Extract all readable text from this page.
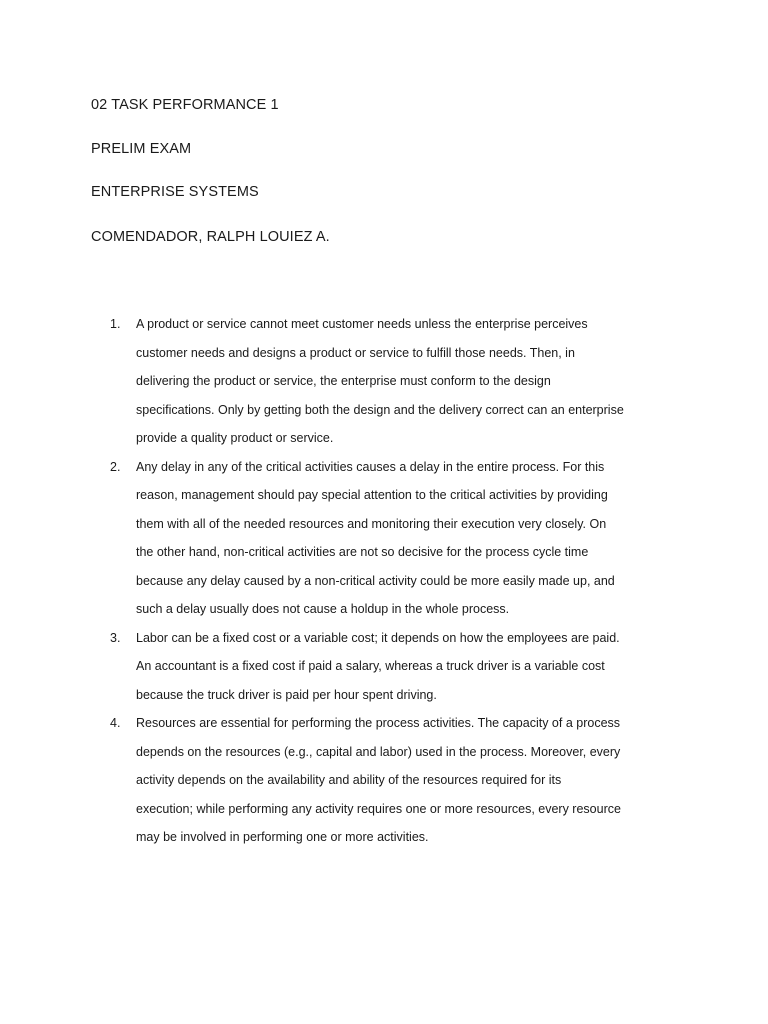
02 TASK PERFORMANCE 1
PRELIM EXAM
ENTERPRISE SYSTEMS
COMENDADOR, RALPH LOUIEZ A.
1. A product or service cannot meet customer needs unless the enterprise perceives
customer needs and designs a product or service to fulfill those needs. Then, in
delivering the product or service, the enterprise must conform to the design
specifications. Only by getting both the design and the delivery correct can an enterprise
provide a quality product or service.
2. Any delay in any of the critical activities causes a delay in the entire process. For this
reason, management should pay special attention to the critical activities by providing
them with all of the needed resources and monitoring their execution very closely. On
the other hand, non-critical activities are not so decisive for the process cycle time
because any delay caused by a non-critical activity could be more easily made up, and
such a delay usually does not cause a holdup in the whole process.
3. Labor can be a fixed cost or a variable cost; it depends on how the employees are paid.
An accountant is a fixed cost if paid a salary, whereas a truck driver is a variable cost
because the truck driver is paid per hour spent driving.
4. Resources are essential for performing the process activities. The capacity of a process
depends on the resources (e.g., capital and labor) used in the process. Moreover, every
activity depends on the availability and ability of the resources required for its
execution; while performing any activity requires one or more resources, every resource
may be involved in performing one or more activities.
